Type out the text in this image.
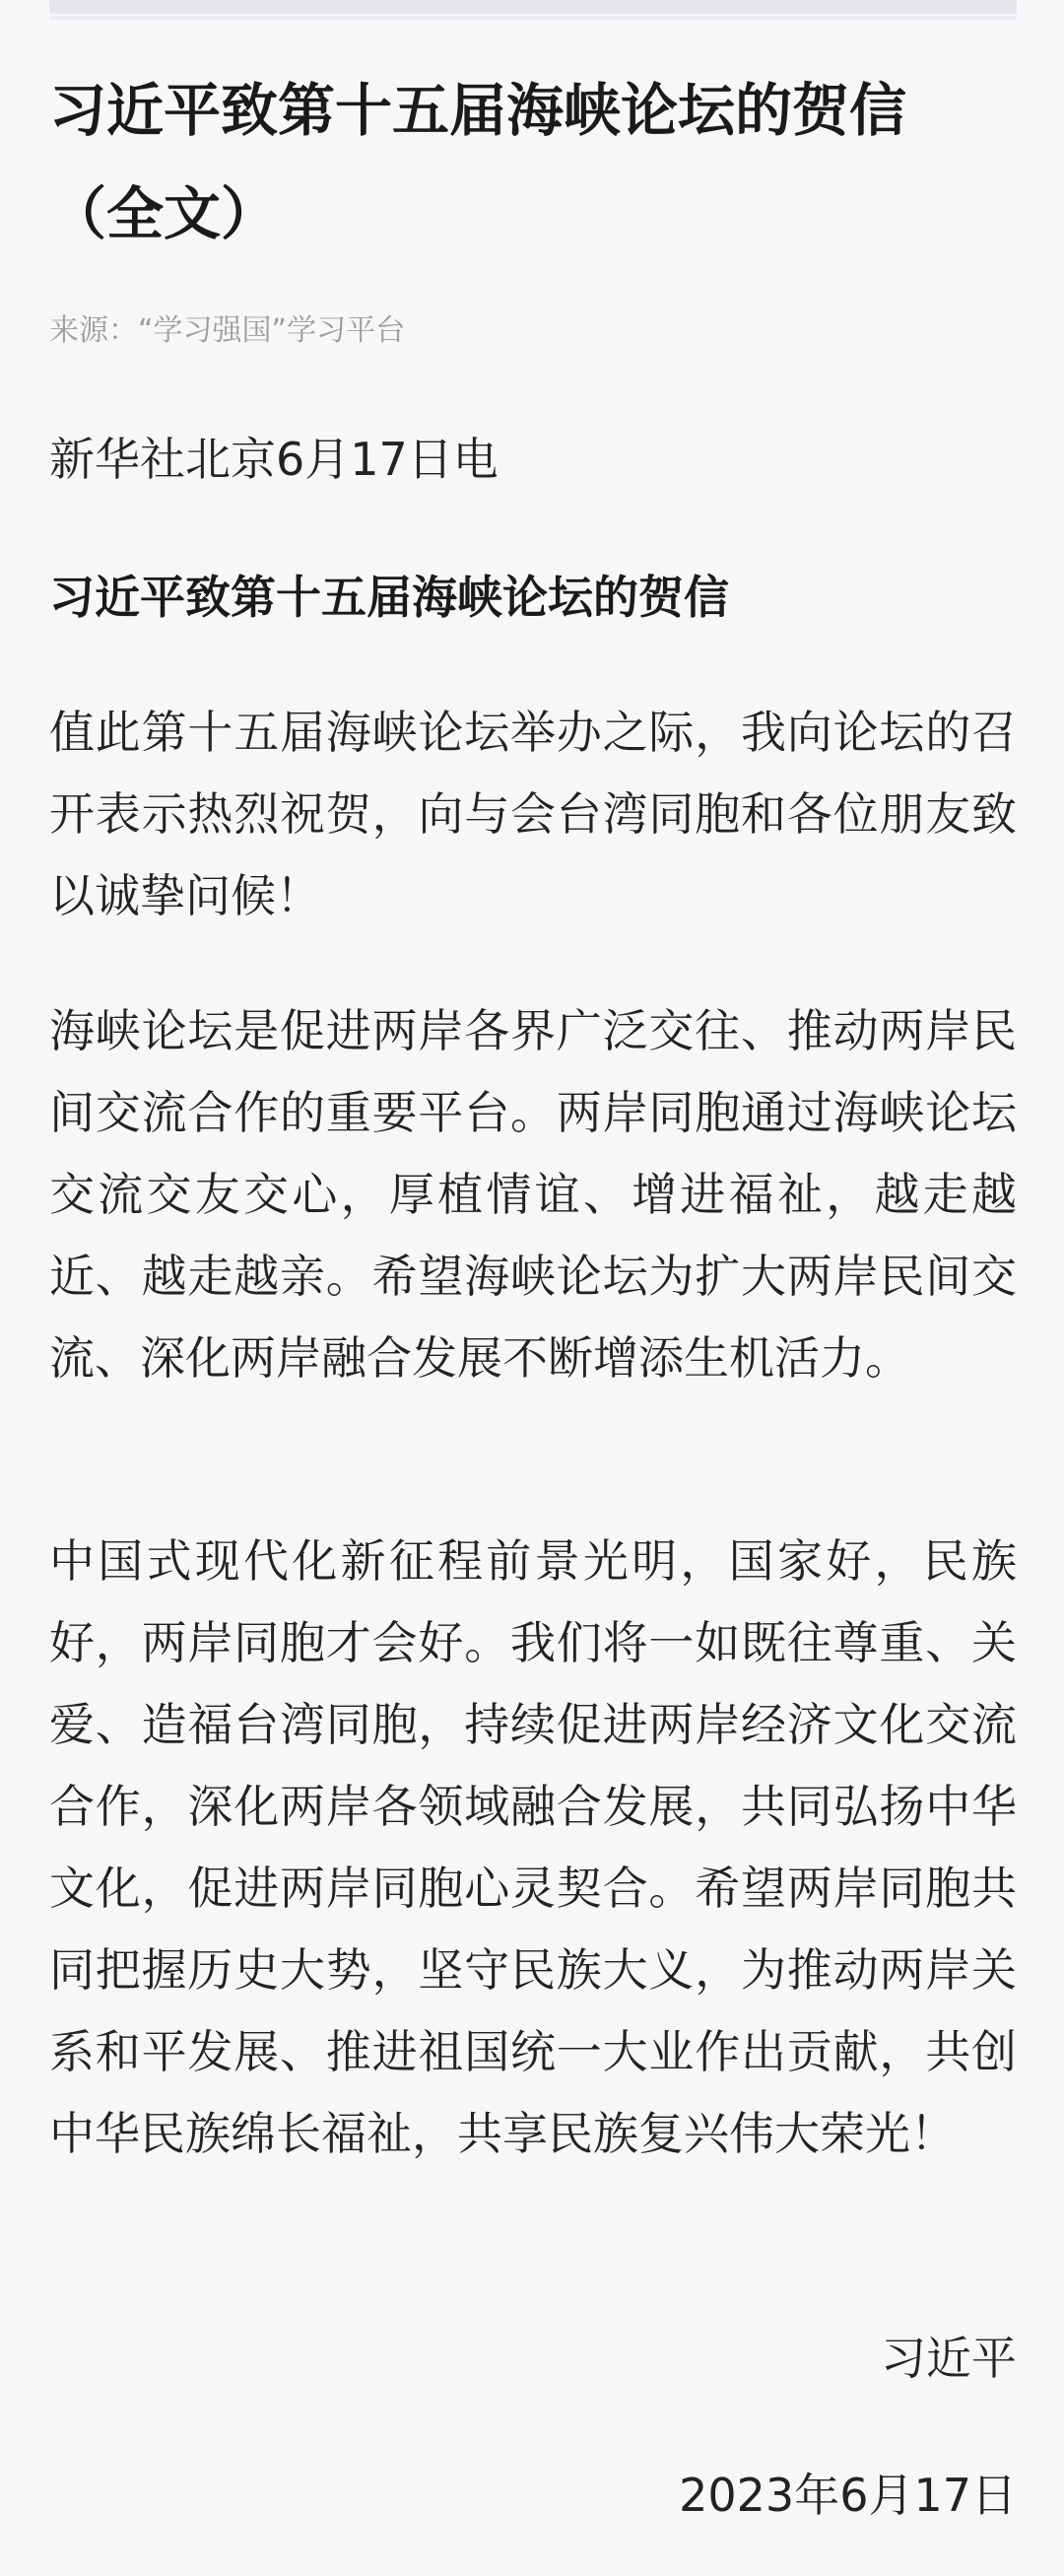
习近平致第十五届海峡论坛的贺信（全文）
来源：“学习强国”学习平台
新华社北京6月17日电
习近平致第十五届海峡论坛的贺信

值此第十五届海峡论坛举办之际，我向论坛的召开表示热烈祝贺，向与会台湾同胞和各位朋友致以诚挚问候！

海峡论坛是促进两岸各界广泛交往、推动两岸民间交流合作的重要平台。两岸同胞通过海峡论坛交流交友交心，厚植情谊、增进福祉，越走越近、越走越亲。希望海峡论坛为扩大两岸民间交流、深化两岸融合发展不断增添生机活力。

中国式现代化新征程前景光明，国家好，民族好，两岸同胞才会好。我们将一如既往尊重、关爱、造福台湾同胞，持续促进两岸经济文化交流合作，深化两岸各领域融合发展，共同弘扬中华文化，促进两岸同胞心灵契合。希望两岸同胞共同把握历史大势，坚守民族大义，为推动两岸关系和平发展、推进祖国统一大业作出贡献，共创中华民族绵长福祉，共享民族复兴伟大荣光！

习近平
2023年6月17日
